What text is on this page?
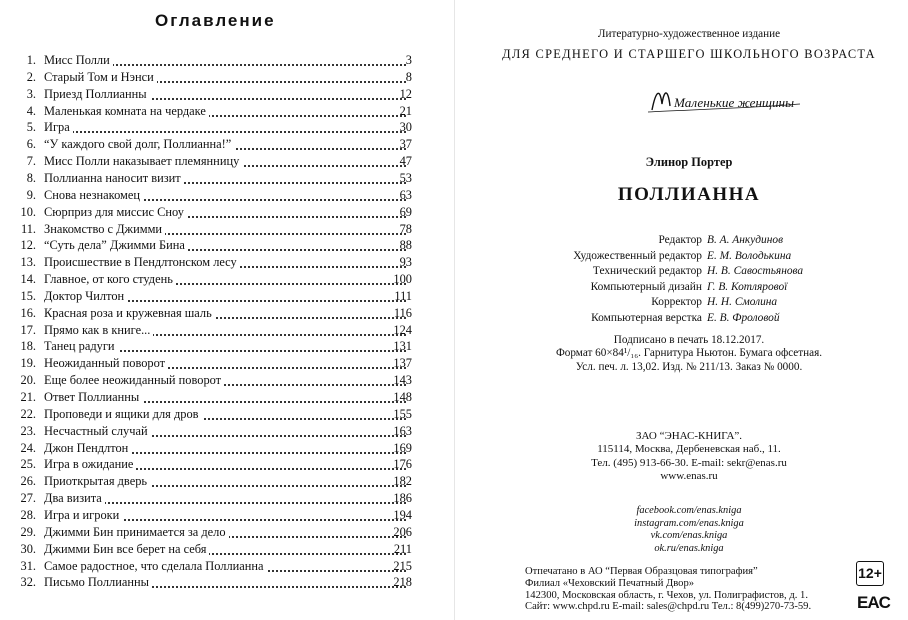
Оглавление
1. Мисс Полли	3
2. Старый Том и Нэнси	8
3. Приезд Поллианны	12
4. Маленькая комната на чердаке	21
5. Игра	30
6. “У каждого свой долг, Поллианна!”	37
7. Мисс Полли наказывает племянницу	47
8. Поллианна наносит визит	53
9. Снова незнакомец	63
10. Сюрприз для миссис Сноу	69
11. Знакомство с Джимми	78
12. “Суть дела” Джимми Бина	88
13. Происшествие в Пендлтонском лесу	93
14. Главное, от кого студень	100
15. Доктор Чилтон	111
16. Красная роза и кружевная шаль	116
17. Прямо как в книге...	124
18. Танец радуги	131
19. Неожиданный поворот	137
20. Еще более неожиданный поворот	143
21. Ответ Поллианны	148
22. Проповеди и ящики для дров	155
23. Несчастный случай	163
24. Джон Пендлтон	169
25. Игра в ожидание	176
26. Приоткрытая дверь	182
27. Два визита	186
28. Игра и игроки	194
29. Джимми Бин принимается за дело	206
30. Джимми Бин все берет на себя	211
31. Самое радостное, что сделала Поллианна	215
32. Письмо Поллианны	218
Литературно-художественное издание
ДЛЯ СРЕДНЕГО И СТАРШЕГО ШКОЛЬНОГО ВОЗРАСТА
Маленькие женщины
Элинор Портер
ПОЛЛИАННА
Редактор В. А. Анкудинов
Художественный редактор Е. М. Володькина
Технический редактор Н. В. Савостьянова
Компьютерный дизайн Г. В. Котлярової
Корректор Н. Н. Смолина
Компьютерная верстка Е. В. Фроловой
Подписано в печать 18.12.2017.
Формат 60×84¹/₁₆. Гарнитура Ньютон. Бумага офсетная.
Усл. печ. л. 13,02. Изд. № 211/13. Заказ № 0000.
ЗАО “ЭНАС-КНИГА”.
115114, Москва, Дербеневская наб., 11.
Тел. (495) 913-66-30. E-mail: sekr@enas.ru
www.enas.ru
facebook.com/enas.kniga
instagram.com/enas.kniga
vk.com/enas.kniga
ok.ru/enas.kniga
Отпечатано в АО “Первая Образцовая типография”
Филиал «Чеховский Печатный Двор»
142300, Московская область, г. Чехов, ул. Полиграфистов, д. 1.
Сайт: www.chpd.ru E-mail: sales@chpd.ru Тел.: 8(499)270-73-59.
12+
EAC
